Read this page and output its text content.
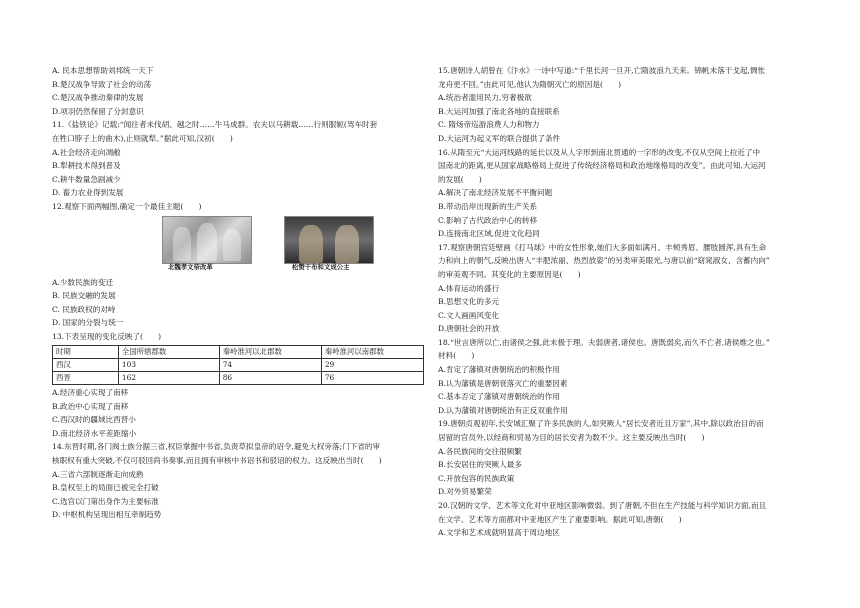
A. 民本思想帮助刘邦统一天下
B.楚汉战争导致了社会的动荡
C.楚汉战争推动秦律的发展
D.项羽仍然保留了分封意识
11.《盐铁论》记载:“闻往者未伐胡、越之时……牛马成群。农夫以马耕载……行则服轭(驾车时套
在牲口脖子上的曲木),止则就犁。”据此可知,汉初(　　)
A.社会经济走向凋敝
B.犁耕技术得到普及
C.耕牛数量急剧减少
D. 畜力农业得到发展
12.观察下面两幅图,确定一个最佳主题(　　)
北魏孝文帝改革	松赞干布和文成公主
A.少数民族的变迁
B. 民族交融的发展
C. 民族政权的对峙
D. 国家的分裂与统一
13.下表呈现的变化反映了(　　)
时期	全国所辖郡数	秦岭淮河以北郡数	秦岭淮河以南郡数
西汉	103	74	29
西晋	162	86	76
A.经济重心实现了南移
B.政治中心实现了南移
C.西汉时的疆域比西晋小
D.南北经济水平差距缩小
14.东晋时期,各门阀士族分据三省,权臣掌握中书省,负责草拟皇帝的诏令,避免大权旁落;门下省的审
核职权有重大突破,不仅可驳回尚书奏事,而且拥有审核中书诏书和驳诏的权力。这反映出当时(　　)
A.三省六部制逐渐走向成熟
B.皇权至上的局面已被完全打破
C.选官以门第出身作为主要标准
D. 中枢机构呈现出相互牵制趋势
15.唐朝诗人胡曾在《汴水》一诗中写道:“千里长河一旦开,亡隋波浪九天来。锦帆未落干戈起,惆怅
龙舟更不回。”由此可见,他认为隋朝灭亡的原因是(　　)
A.统治者滥用民力,穷奢极欲
B.大运河加强了南北各地的直接联系
C. 隋炀帝巡游浪费人力和物力
D.大运河为起义军的联合提供了条件
16.从隋至元“大运河线路的延长以及从人字形到南北贯通的一字形的改变,不仅从空间上拉近了中
国南北的距离,更从国家战略格局上促进了传统经济格局和政治地缘格局的改变”。由此可知,大运河
的发展(　　)
A.解决了南北经济发展不平衡问题
B.带动沿岸出现新的生产关系
C.影响了古代政治中心的转移
D.连接南北区域,促进文化趋同
17.观察唐朝宫廷壁画《打马球》中的女性形象,她们大多面如满月、丰颊秀眉、腰肢圆浑,具有生命
力和向上的朝气,反映出唐人“丰肥浓丽、热烈放姿”的另类审美眼光,与唐以前“窈窕淑女、含蓄内向”
的审美观不同。其变化的主要原因是(　　)
A.体育运动的盛行
B.思想文化的多元
C.文人画画风变化
D.唐朝社会的开放
18.“世言唐所以亡,由诸侯之强,此未极于理。夫弱唐者,诸侯也。唐既弱矣,而久不亡者,诸侯维之也。”
材料(　　)
A.肯定了藩镇对唐朝统治的积极作用
B.认为藩镇是唐朝衰落灭亡的重要因素
C.基本否定了藩镇对唐朝统治的作用
D.认为藩镇对唐朝统治有正反双重作用
19.唐朝贞观初年,长安城汇聚了许多民族的人,如突厥人“居长安者近且万家”,其中,除以政治目的而
居留的官员外,以经商和贸易为目的居长安者为数不少。这主要反映出当时(　　)
A.各民族间的交往很频繁
B.长安居住的突厥人最多
C.开放包容的民族政策
D.对外贸易繁荣
20.汉朝的文学、艺术等文化对中亚地区影响微弱。到了唐朝,不但在生产技能与科学知识方面,而且
在文学、艺术等方面都对中亚地区产生了重要影响。据此可知,唐朝(　　)
A.文学和艺术成就明显高于周边地区
